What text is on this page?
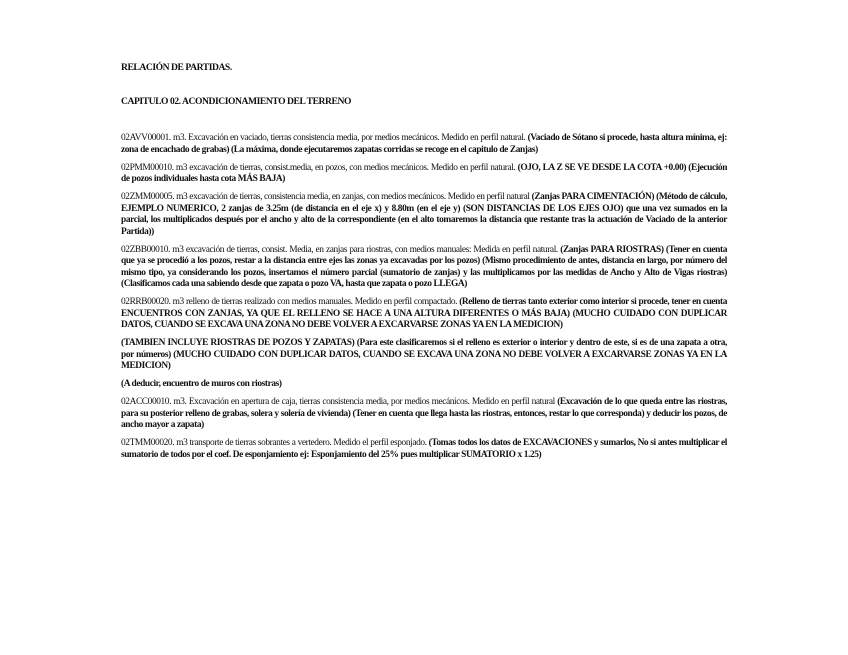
RELACIÓN DE PARTIDAS.
CAPITULO 02. ACONDICIONAMIENTO DEL TERRENO

02AVV00001. m3. Excavación en vaciado, tierras consistencia media, por medios mecánicos. Medido en perfil natural. (Vaciado de Sótano si procede, hasta altura mínima, ej: zona de encachado de grabas) (La máxima, donde ejecutaremos zapatas corridas se recoge en el capitulo de Zanjas)

02PMM00010. m3 excavación de tierras, consist.media, en pozos, con medios mecánicos. Medido en perfil natural. (OJO, LA Z SE VE DESDE LA COTA +0.00) (Ejecución de pozos individuales hasta cota MÁS BAJA)

02ZMM00005. m3 excavación de tierras, consistencia media, en zanjas, con medios mecánicos. Medido en perfil natural (Zanjas PARA CIMENTACIÓN) (Método de cálculo, EJEMPLO NUMERICO, 2 zanjas de 3.25m (de distancia en el eje x) y 8.80m (en el eje y) (SON DISTANCIAS DE LOS EJES OJO) que una vez sumados en la parcial, los multiplicados después por el ancho y alto de la correspondiente (en el alto tomaremos la distancia que restante tras la actuación de Vaciado de la anterior Partida))

02ZBB00010. m3 excavación de tierras, consist. Media, en zanjas para riostras, con medios manuales: Medida en perfil natural. (Zanjas PARA RIOSTRAS) (Tener en cuenta que ya se procedió a los pozos, restar a la distancia entre ejes las zonas ya excavadas por los pozos) (Mismo procedimiento de antes, distancia en largo, por número del mismo tipo, ya considerando los pozos, insertamos el número parcial (sumatorio de zanjas) y las multiplicamos por las medidas de Ancho y Alto de Vigas riostras) (Clasificamos cada una sabiendo desde que zapata o pozo VA, hasta que zapata o pozo LLEGA)

02RRB00020. m3 relleno de tierras realizado con medios manuales. Medido en perfil compactado. (Relleno de tierras tanto exterior como interior si procede, tener en cuenta ENCUENTROS CON ZANJAS, YA QUE EL RELLENO SE HACE A UNA ALTURA DIFERENTES O MÁS BAJA) (MUCHO CUIDADO CON DUPLICAR DATOS, CUANDO SE EXCAVA UNA ZONA NO DEBE VOLVER A EXCARVARSE ZONAS YA EN LA MEDICION)

(TAMBIEN INCLUYE RIOSTRAS DE POZOS Y ZAPATAS) (Para este clasificaremos si el relleno es exterior o interior y dentro de este, si es de una zapata a otra, por números) (MUCHO CUIDADO CON DUPLICAR DATOS, CUANDO SE EXCAVA UNA ZONA NO DEBE VOLVER A EXCARVARSE ZONAS YA EN LA MEDICION)

(A deducir, encuentro de muros con riostras)

02ACC00010. m3. Excavación en apertura de caja, tierras consistencia media, por medios mecánicos. Medido en perfil natural (Excavación de lo que queda entre las riostras, para su posterior relleno de grabas, solera y solería de vivienda) (Tener en cuenta que llega hasta las riostras, entonces, restar lo que corresponda) y deducir los pozos, de ancho mayor a zapata)

02TMM00020. m3 transporte de tierras sobrantes a vertedero. Medido el perfil esponjado. (Tomas todos los datos de EXCAVACIONES y sumarlos, No si antes multiplicar el sumatorio de todos por el coef. De esponjamiento ej: Esponjamiento del 25% pues multiplicar SUMATORIO x 1.25)
